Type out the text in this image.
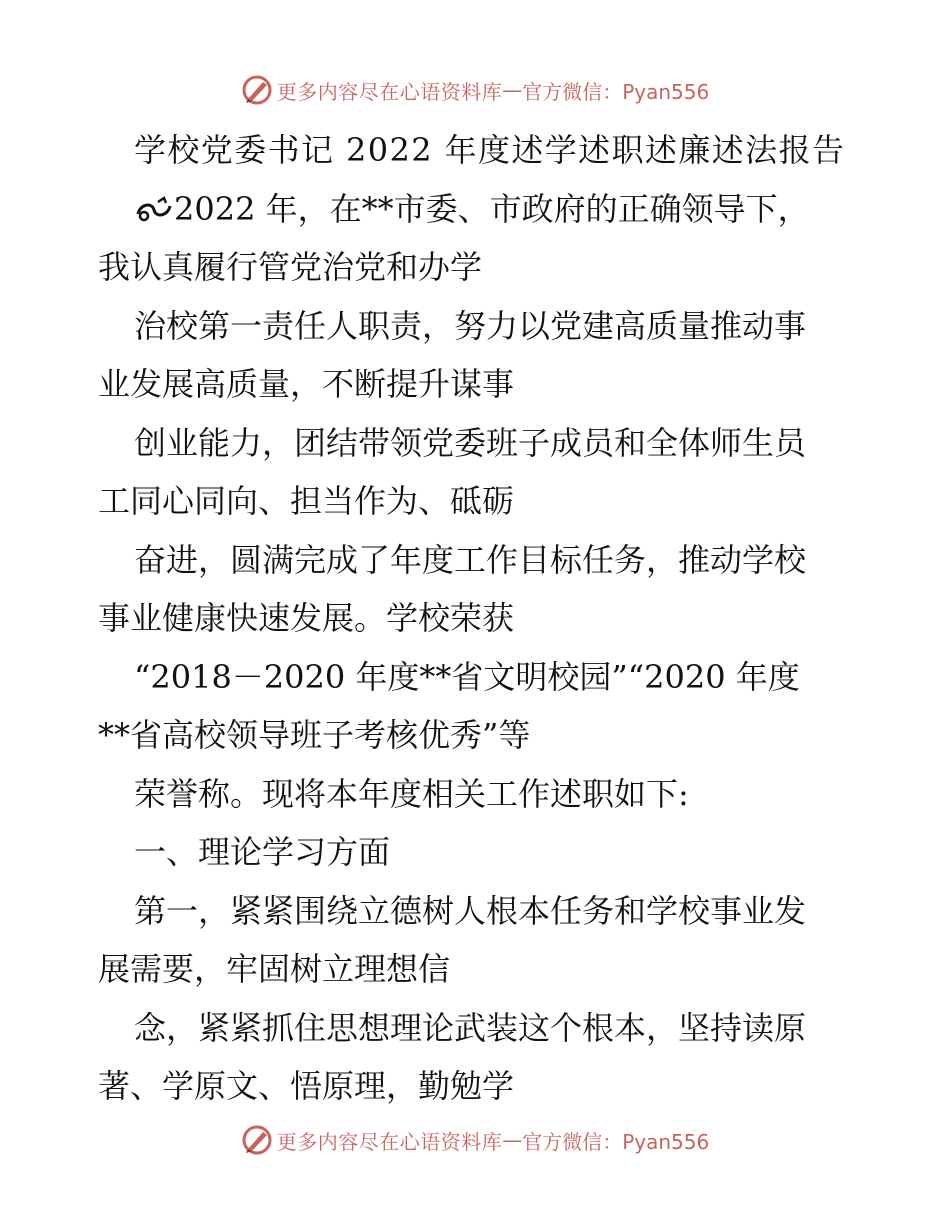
更多内容尽在心语资料库 — 官方微信：Pyan556
学校党委书记 2022 年度述学述职述廉述法报告
2022 年，在**市委、市政府的正确领导下，
我认真履行管党治党和办学
治校第一责任人职责，努力以党建高质量推动事
业发展高质量，不断提升谋事
创业能力，团结带领党委班子成员和全体师生员
工同心同向、担当作为、砥砺
奋进，圆满完成了年度工作目标任务，推动学校
事业健康快速发展。学校荣获
“2018－2020 年度**省文明校园”“2020 年度
**省高校领导班子考核优秀”等
荣誉称。现将本年度相关工作述职如下:
一、理论学习方面
第一，紧紧围绕立德树人根本任务和学校事业发
展需要，牢固树立理想信
念，紧紧抓住思想理论武装这个根本，坚持读原
著、学原文、悟原理，勤勉学
更多内容尽在心语资料库 — 官方微信：Pyan556
